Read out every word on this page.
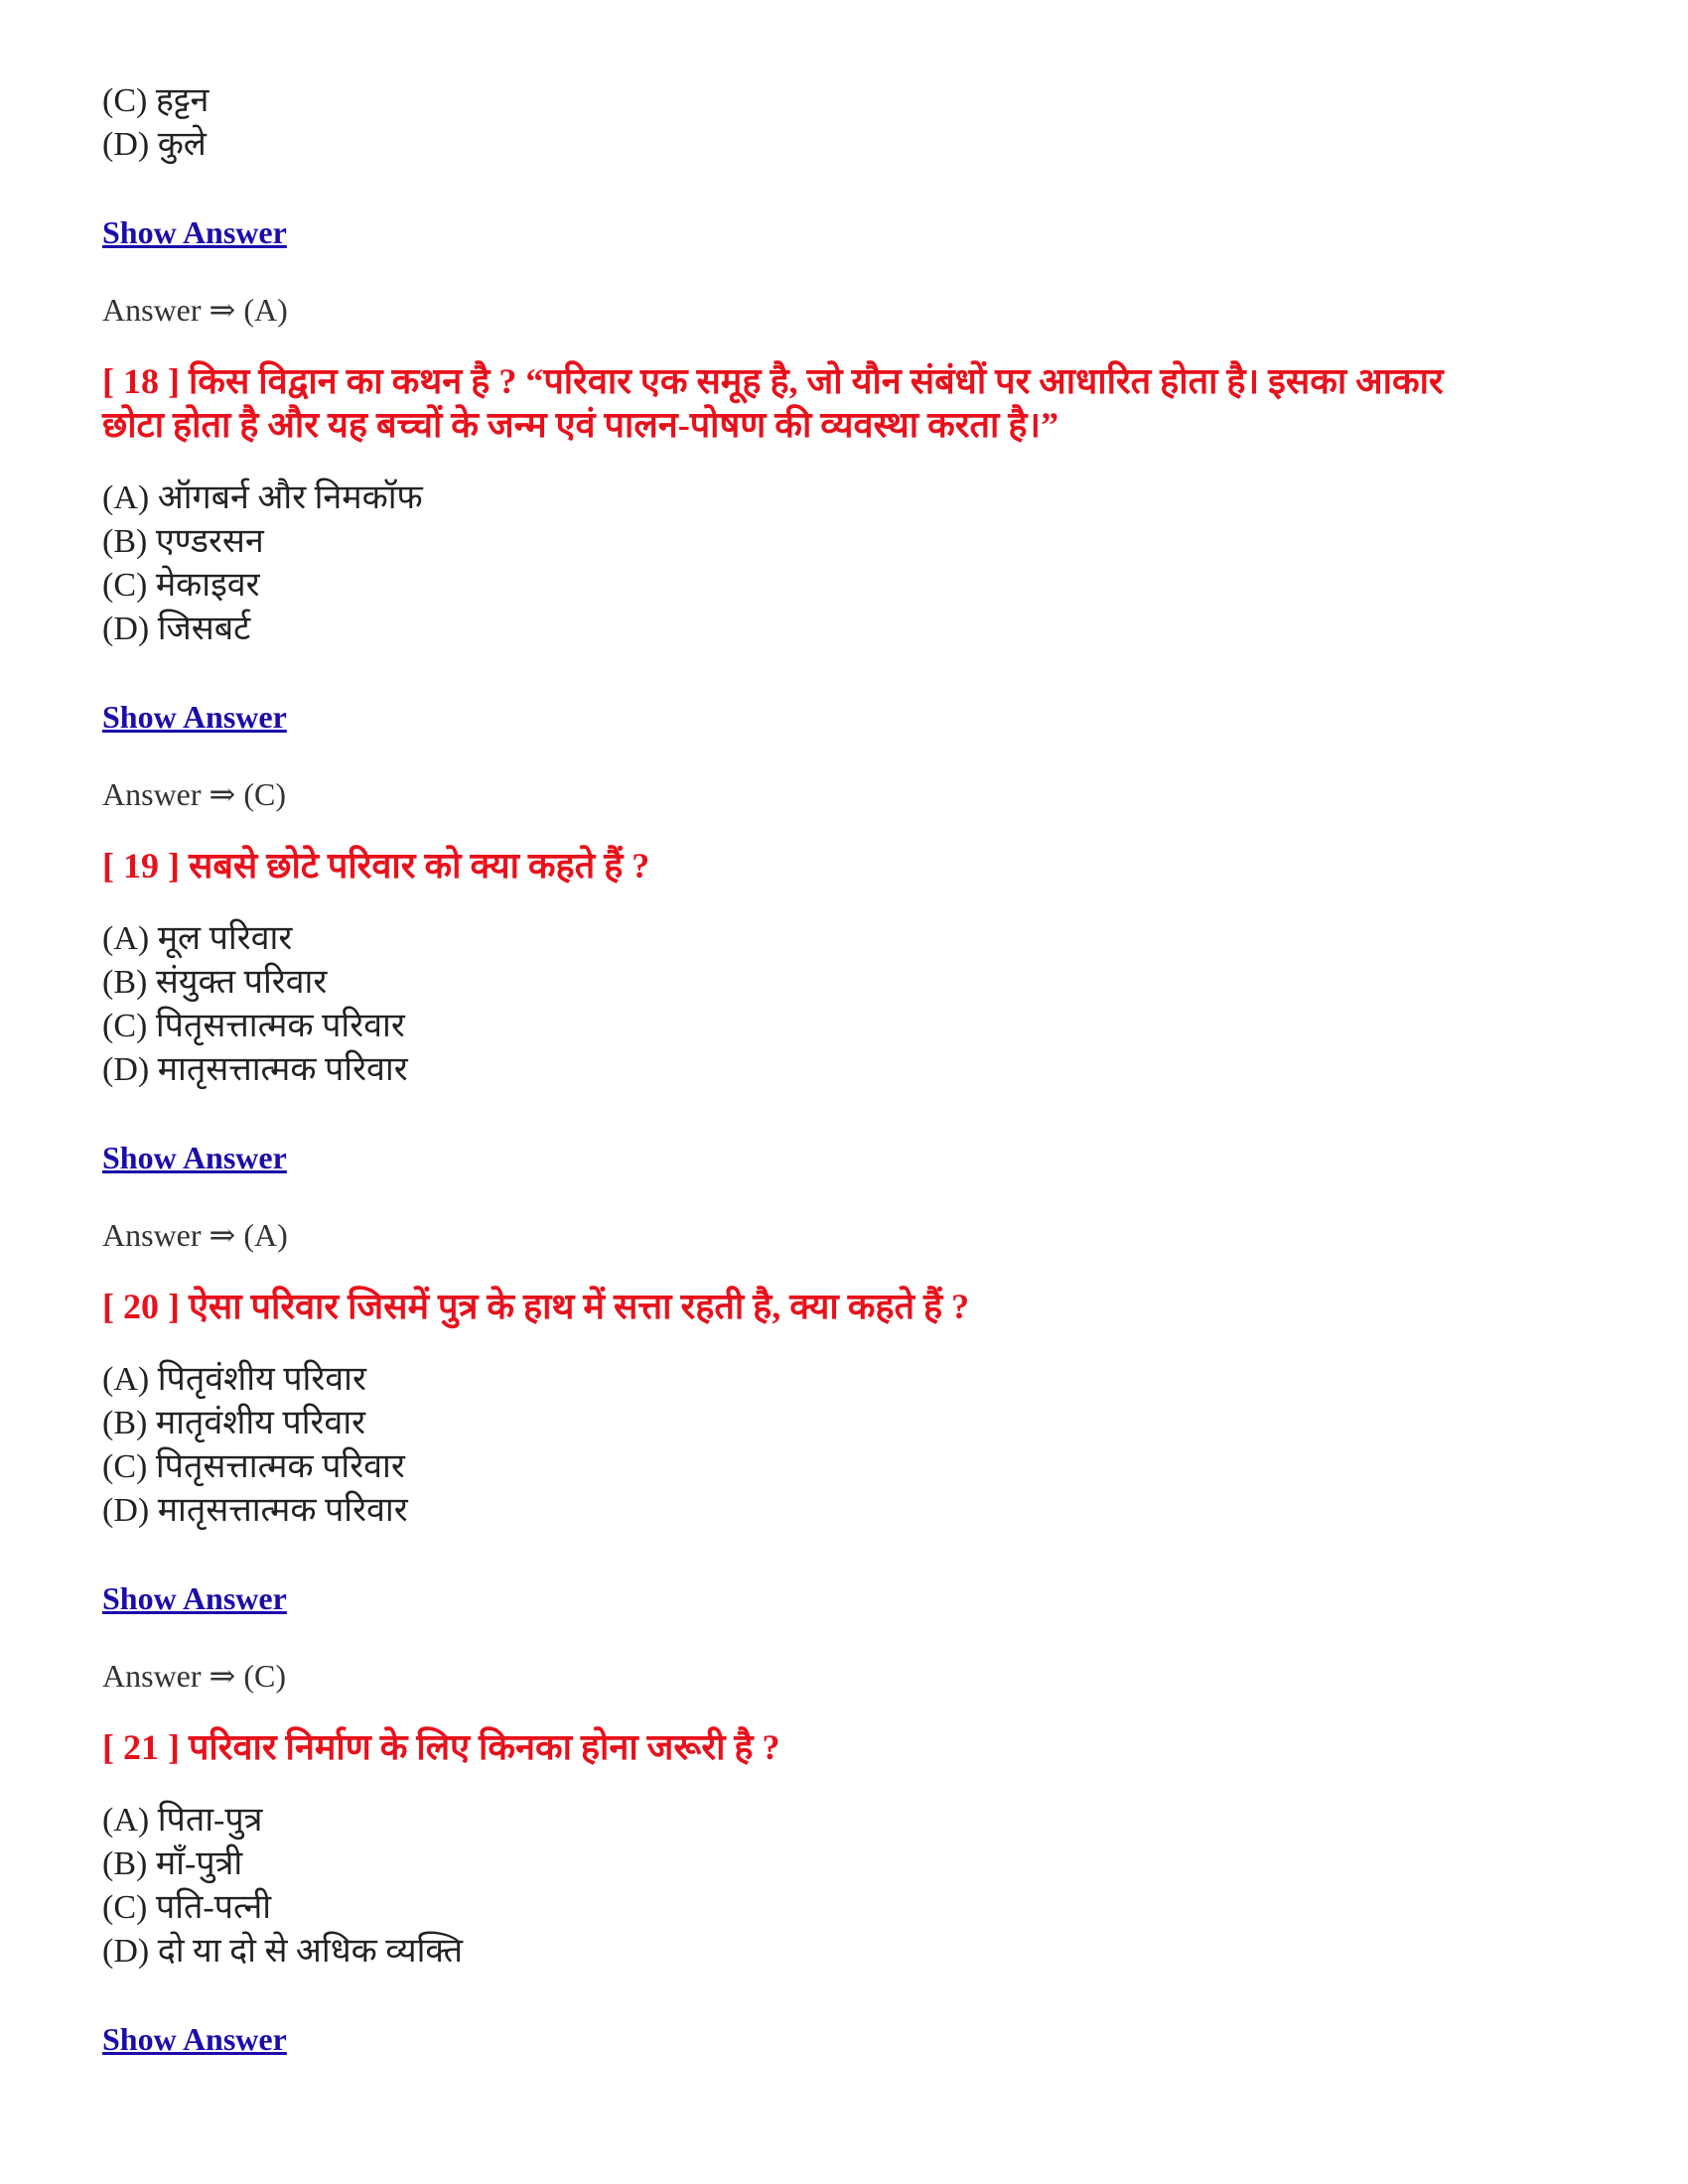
(C) हट्टन
(D) कुले
Show Answer
Answer ⇒ (A)
[ 18 ] किस विद्वान का कथन है ? “परिवार एक समूह है, जो यौन संबंधों पर आधारित होता है। इसका आकार
छोटा होता है और यह बच्चों के जन्म एवं पालन-पोषण की व्यवस्था करता है।”
(A) ऑगबर्न और निमकॉफ
(B) एण्डरसन
(C) मेकाइवर
(D) जिसबर्ट
Show Answer
Answer ⇒ (C)
[ 19 ] सबसे छोटे परिवार को क्या कहते हैं ?
(A) मूल परिवार
(B) संयुक्त परिवार
(C) पितृसत्तात्मक परिवार
(D) मातृसत्तात्मक परिवार
Show Answer
Answer ⇒ (A)
[ 20 ] ऐसा परिवार जिसमें पुत्र के हाथ में सत्ता रहती है, क्या कहते हैं ?
(A) पितृवंशीय परिवार
(B) मातृवंशीय परिवार
(C) पितृसत्तात्मक परिवार
(D) मातृसत्तात्मक परिवार
Show Answer
Answer ⇒ (C)
[ 21 ] परिवार निर्माण के लिए किनका होना जरूरी है ?
(A) पिता-पुत्र
(B) माँ-पुत्री
(C) पति-पत्नी
(D) दो या दो से अधिक व्यक्ति
Show Answer
